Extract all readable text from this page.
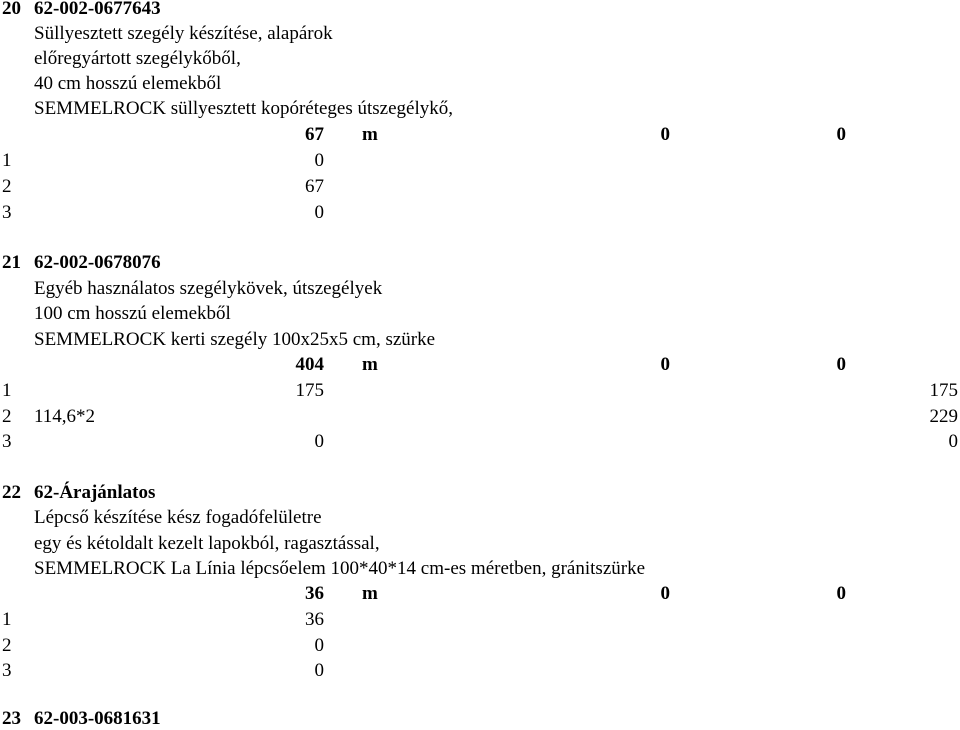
20 62-002-0677643
Süllyesztett szegély készítése, alapárok
előregyártott szegélykőből,
40 cm hosszú elemekből
SEMMELROCK süllyesztett kopóréteges útszegélykő,
67 m	0	0
1	0
2	67
3	0
21 62-002-0678076
Egyéb használatos szegélykövek, útszegélyek
100 cm hosszú elemekből
SEMMELROCK kerti szegély 100x25x5 cm, szürke
404 m	0	0
1	175	175
2 114,6*2	229
3	0	0
22 62-Árajánlatos
Lépcső készítése kész fogadófelületre
egy és kétoldalt kezelt lapokból, ragasztással,
SEMMELROCK La Línia lépcsőelem 100*40*14 cm-es méretben, gránitszürke
36 m	0	0
1	36
2	0
3	0
23 62-003-0681631
